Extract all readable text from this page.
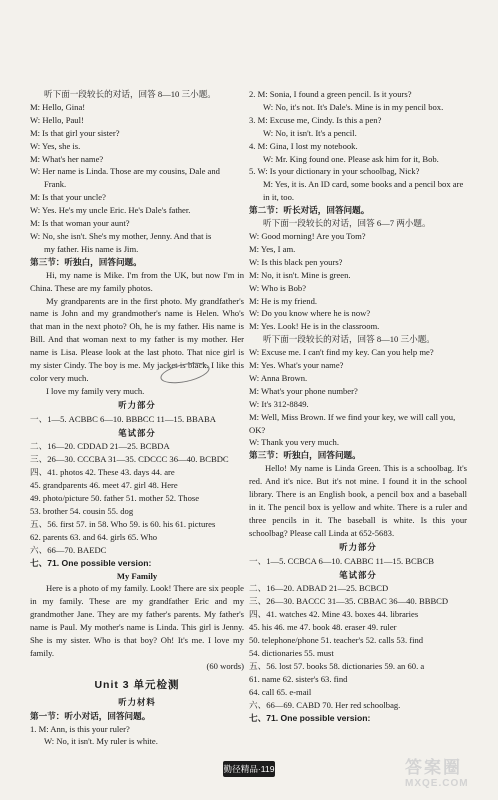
听下面一段较长的对话，回答 8—10 三小题。
M: Hello, Gina!
W: Hello, Paul!
M: Is that girl your sister?
W: Yes, she is.
M: What's her name?
W: Her name is Linda. Those are my cousins, Dale and
Frank.
M: Is that your uncle?
W: Yes. He's my uncle Eric. He's Dale's father.
M: Is that woman your aunt?
W: No, she isn't. She's my mother, Jenny. And that is
my father. His name is Jim.
第三节：听独白，回答问题。
Hi, my name is Mike. I'm from the UK, but now I'm in China. These are my family photos.
My grandparents are in the first photo. My grandfather's name is John and my grandmother's name is Helen. Who's that man in the next photo? Oh, he is my father. His name is Bill. And that woman next to my father is my mother. Her name is Lisa. Please look at the last photo. That nice girl is my sister Cindy. The boy is me. My jacket is black. I like this color very much.
I love my family very much.
听力部分
一、1—5. ACBBC 6—10. BBBCC 11—15. BBABA
笔试部分
二、16—20. CDDAD 21—25. BCBDA
三、26—30. CCCBA 31—35. CDCCC 36—40. BCBDC
四、41. photos 42. These 43. days 44. are
45. grandparents 46. meet 47. girl 48. Here
49. photo/picture 50. father 51. mother 52. Those
53. brother 54. cousin 55. dog
五、56. first 57. in 58. Who 59. is 60. his 61. pictures
62. parents 63. and 64. girls 65. Who
六、66—70. BAEDC
七、71. One possible version:
My Family
Here is a photo of my family. Look! There are six people in my family. These are my grandfather Eric and my grandmother Jane. They are my father's parents. My father's name is Paul. My mother's name is Linda. This girl is Jenny. She is my sister. Who is that boy? Oh! It's me. I love my family.
(60 words)
Unit 3 单元检测
听力材料
第一节：听小对话，回答问题。
1. M: Ann, is this your ruler?
W: No, it isn't. My ruler is white.
2. M: Sonia, I found a green pencil. Is it yours?
W: No, it's not. It's Dale's. Mine is in my pencil box.
3. M: Excuse me, Cindy. Is this a pen?
W: No, it isn't. It's a pencil.
4. M: Gina, I lost my notebook.
W: Mr. King found one. Please ask him for it, Bob.
5. W: Is your dictionary in your schoolbag, Nick?
M: Yes, it is. An ID card, some books and a pencil box are in it, too.
第二节：听长对话，回答问题。
听下面一段较长的对话，回答 6—7 两小题。
W: Good morning! Are you Tom?
M: Yes, I am.
W: Is this black pen yours?
M: No, it isn't. Mine is green.
W: Who is Bob?
M: He is my friend.
W: Do you know where he is now?
M: Yes. Look! He is in the classroom.
听下面一段较长的对话，回答 8—10 三小题。
W: Excuse me. I can't find my key. Can you help me?
M: Yes. What's your name?
W: Anna Brown.
M: What's your phone number?
W: It's 312-8849.
M: Well, Miss Brown. If we find your key, we will call you, OK?
W: Thank you very much.
第三节：听独白，回答问题。
Hello! My name is Linda Green. This is a schoolbag. It's red. And it's nice. But it's not mine. I found it in the school library. There is an English book, a pencil box and a baseball in it. The pencil box is yellow and white. There is a ruler and three pencils in it. The baseball is white. Is this your schoolbag? Please call Linda at 652-5683.
听力部分
一、1—5. CCBCA 6—10. CABBC 11—15. BCBCB
笔试部分
二、16—20. ADBAD 21—25. BCBCD
三、26—30. BACCC 31—35. CBBAC 36—40. BBBCD
四、41. watches 42. Mine 43. boxes 44. libraries
45. his 46. me 47. book 48. eraser 49. ruler
50. telephone/phone 51. teacher's 52. calls 53. find
54. dictionaries 55. must
五、56. lost 57. books 58. dictionaries 59. an 60. a
61. name 62. sister's 63. find
64. call 65. e-mail
六、66—69. CABD 70. Her red schoolbag.
七、71. One possible version:
勤径精品·119	答案圈
MXQE.COM
